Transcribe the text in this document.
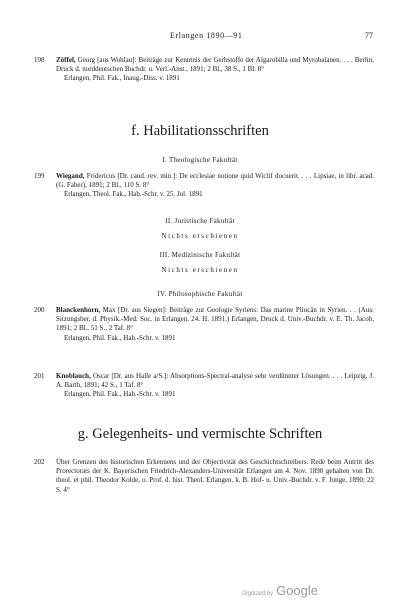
Erlangen 1890—91	77
198 Zöffel, Georg [aus Wohlau]: Beiträge zur Kenntnis der Gerbstoffe der Algarobilla und Myrobalanen. . . . Berlin, Druck d. norddeutschen Buchdr. u. Verl.-Anst., 1891; 2 Bl., 38 S., 1 Bl. 8°
Erlangen, Phil. Fak., Inaug.-Diss. v. 1891
f. Habilitationsschriften
I. Theologische Fakultät
199 Wiegand, Fridericus [Dr. cand. rev. min.]: De ecclesiae notione quid Wiclif docuerit. . . . Lipsiae, in libr. acad. (G. Faber), 1891; 2 Bl., 110 S. 8°
Erlangen, Theol. Fak., Hab.-Schr. v. 25. Jul. 1891
II. Juristische Fakultät
Nichts erschienen
III. Medizinische Fakultät
Nichts erschienen
IV. Philosophische Fakultät
200 Blanckenhorn, Max [Dr. aus Siegen]: Beiträge zur Geologie Syriens: Das marine Pliocän in Syrien. . . (Aus: Sitzungsber. d. Physik.-Med. Soc. in Erlangen. 24. H. 1891.) Erlangen, Druck d. Univ.-Buchdr. v. E. Th. Jacob, 1891; 2 Bl., 51 S., 2 Taf. 8°
Erlangen, Phil. Fak., Hab.-Schr. v. 1891
201 Knoblauch, Oscar [Dr. aus Halle a/S.]: Absorptions-Spectral-analyse sehr verdünnter Lösungen. . . . Leipzig, J. A. Barth, 1891; 42 S., 1 Taf. 8°
Erlangen, Phil. Fak., Hab.-Schr. v. 1891
g. Gelegenheits- und vermischte Schriften
202 Über Grenzen des historischen Erkennens und der Objectivität des Geschichtschreibers. Rede beim Antritt des Prorectorats der K. Bayerischen Friedrich-Alexanders-Universität Erlangen am 4. Nov. 1890 gehalten von Dr. theol. et phil. Theodor Kolde, o. Prof. d. hist. Theol. Erlangen, k. B. Hof- u. Univ.-Buchdr. v. F. Junge, 1890; 22 S. 4°
Digitized by Google
